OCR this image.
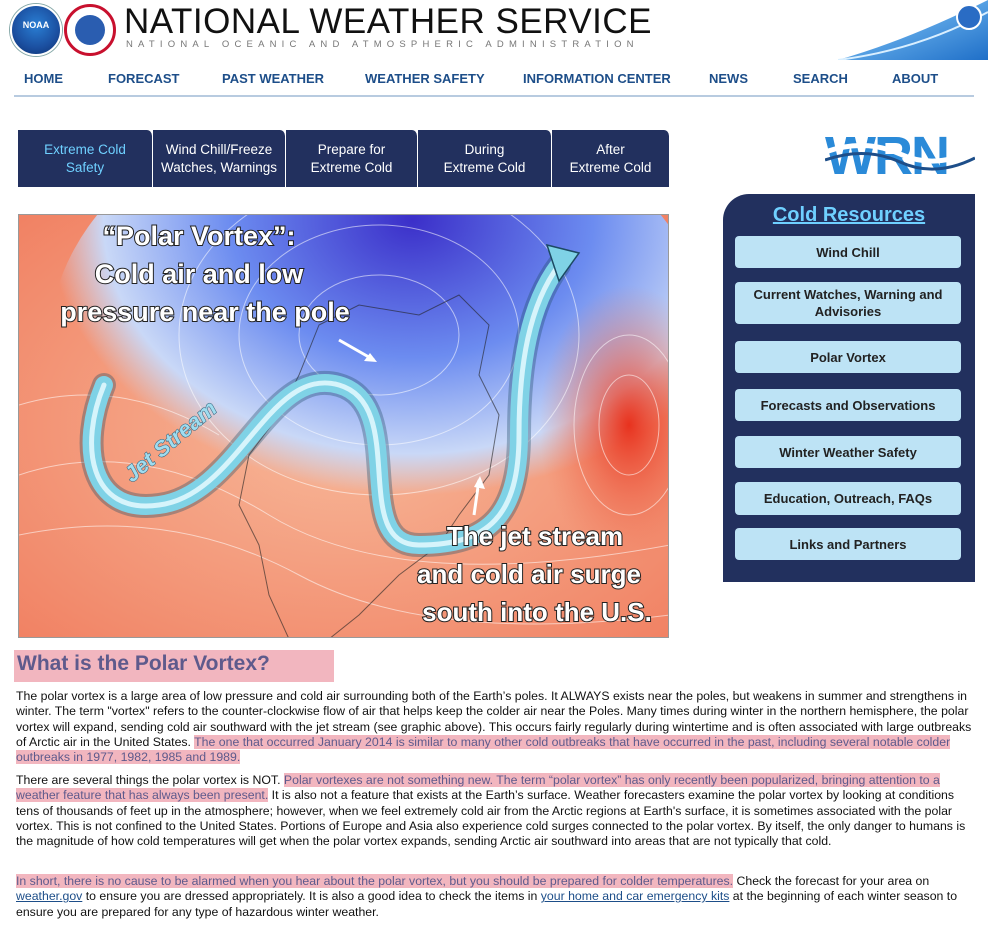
NOAA	NATIONAL WEATHER SERVICE
NATIONAL OCEANIC AND ATMOSPHERIC ADMINISTRATION
HOME	FORECAST	PAST WEATHER	WEATHER SAFETY	INFORMATION CENTER	NEWS	SEARCH	ABOUT
Extreme Cold
Safety
Wind Chill/Freeze
Watches, Warnings
Prepare for
Extreme Cold
During
Extreme Cold
After
Extreme Cold
“Polar Vortex”:
Cold air and low
pressure near the pole
Jet Stream
The jet stream
and cold air surge
south into the U.S.
WRN
Cold Resources
Wind Chill
Current Watches, Warning and Advisories
Polar Vortex
Forecasts and Observations
Winter Weather Safety
Education, Outreach, FAQs
Links and Partners
What is the Polar Vortex?

The polar vortex is a large area of low pressure and cold air surrounding both of the Earth’s poles. It ALWAYS exists near the poles, but weakens in summer and strengthens in winter. The term "vortex" refers to the counter-clockwise flow of air that helps keep the colder air near the Poles. Many times during winter in the northern hemisphere, the polar vortex will expand, sending cold air southward with the jet stream (see graphic above). This occurs fairly regularly during wintertime and is often associated with large outbreaks of Arctic air in the United States. The one that occurred January 2014 is similar to many other cold outbreaks that have occurred in the past, including several notable colder outbreaks in 1977, 1982, 1985 and 1989.

There are several things the polar vortex is NOT. Polar vortexes are not something new. The term “polar vortex” has only recently been popularized, bringing attention to a weather feature that has always been present. It is also not a feature that exists at the Earth’s surface. Weather forecasters examine the polar vortex by looking at conditions tens of thousands of feet up in the atmosphere; however, when we feel extremely cold air from the Arctic regions at Earth's surface, it is sometimes associated with the polar vortex. This is not confined to the United States. Portions of Europe and Asia also experience cold surges connected to the polar vortex. By itself, the only danger to humans is the magnitude of how cold temperatures will get when the polar vortex expands, sending Arctic air southward into areas that are not typically that cold.

In short, there is no cause to be alarmed when you hear about the polar vortex, but you should be prepared for colder temperatures. Check the forecast for your area on weather.gov to ensure you are dressed appropriately. It is also a good idea to check the items in your home and car emergency kits at the beginning of each winter season to ensure you are prepared for any type of hazardous winter weather.
